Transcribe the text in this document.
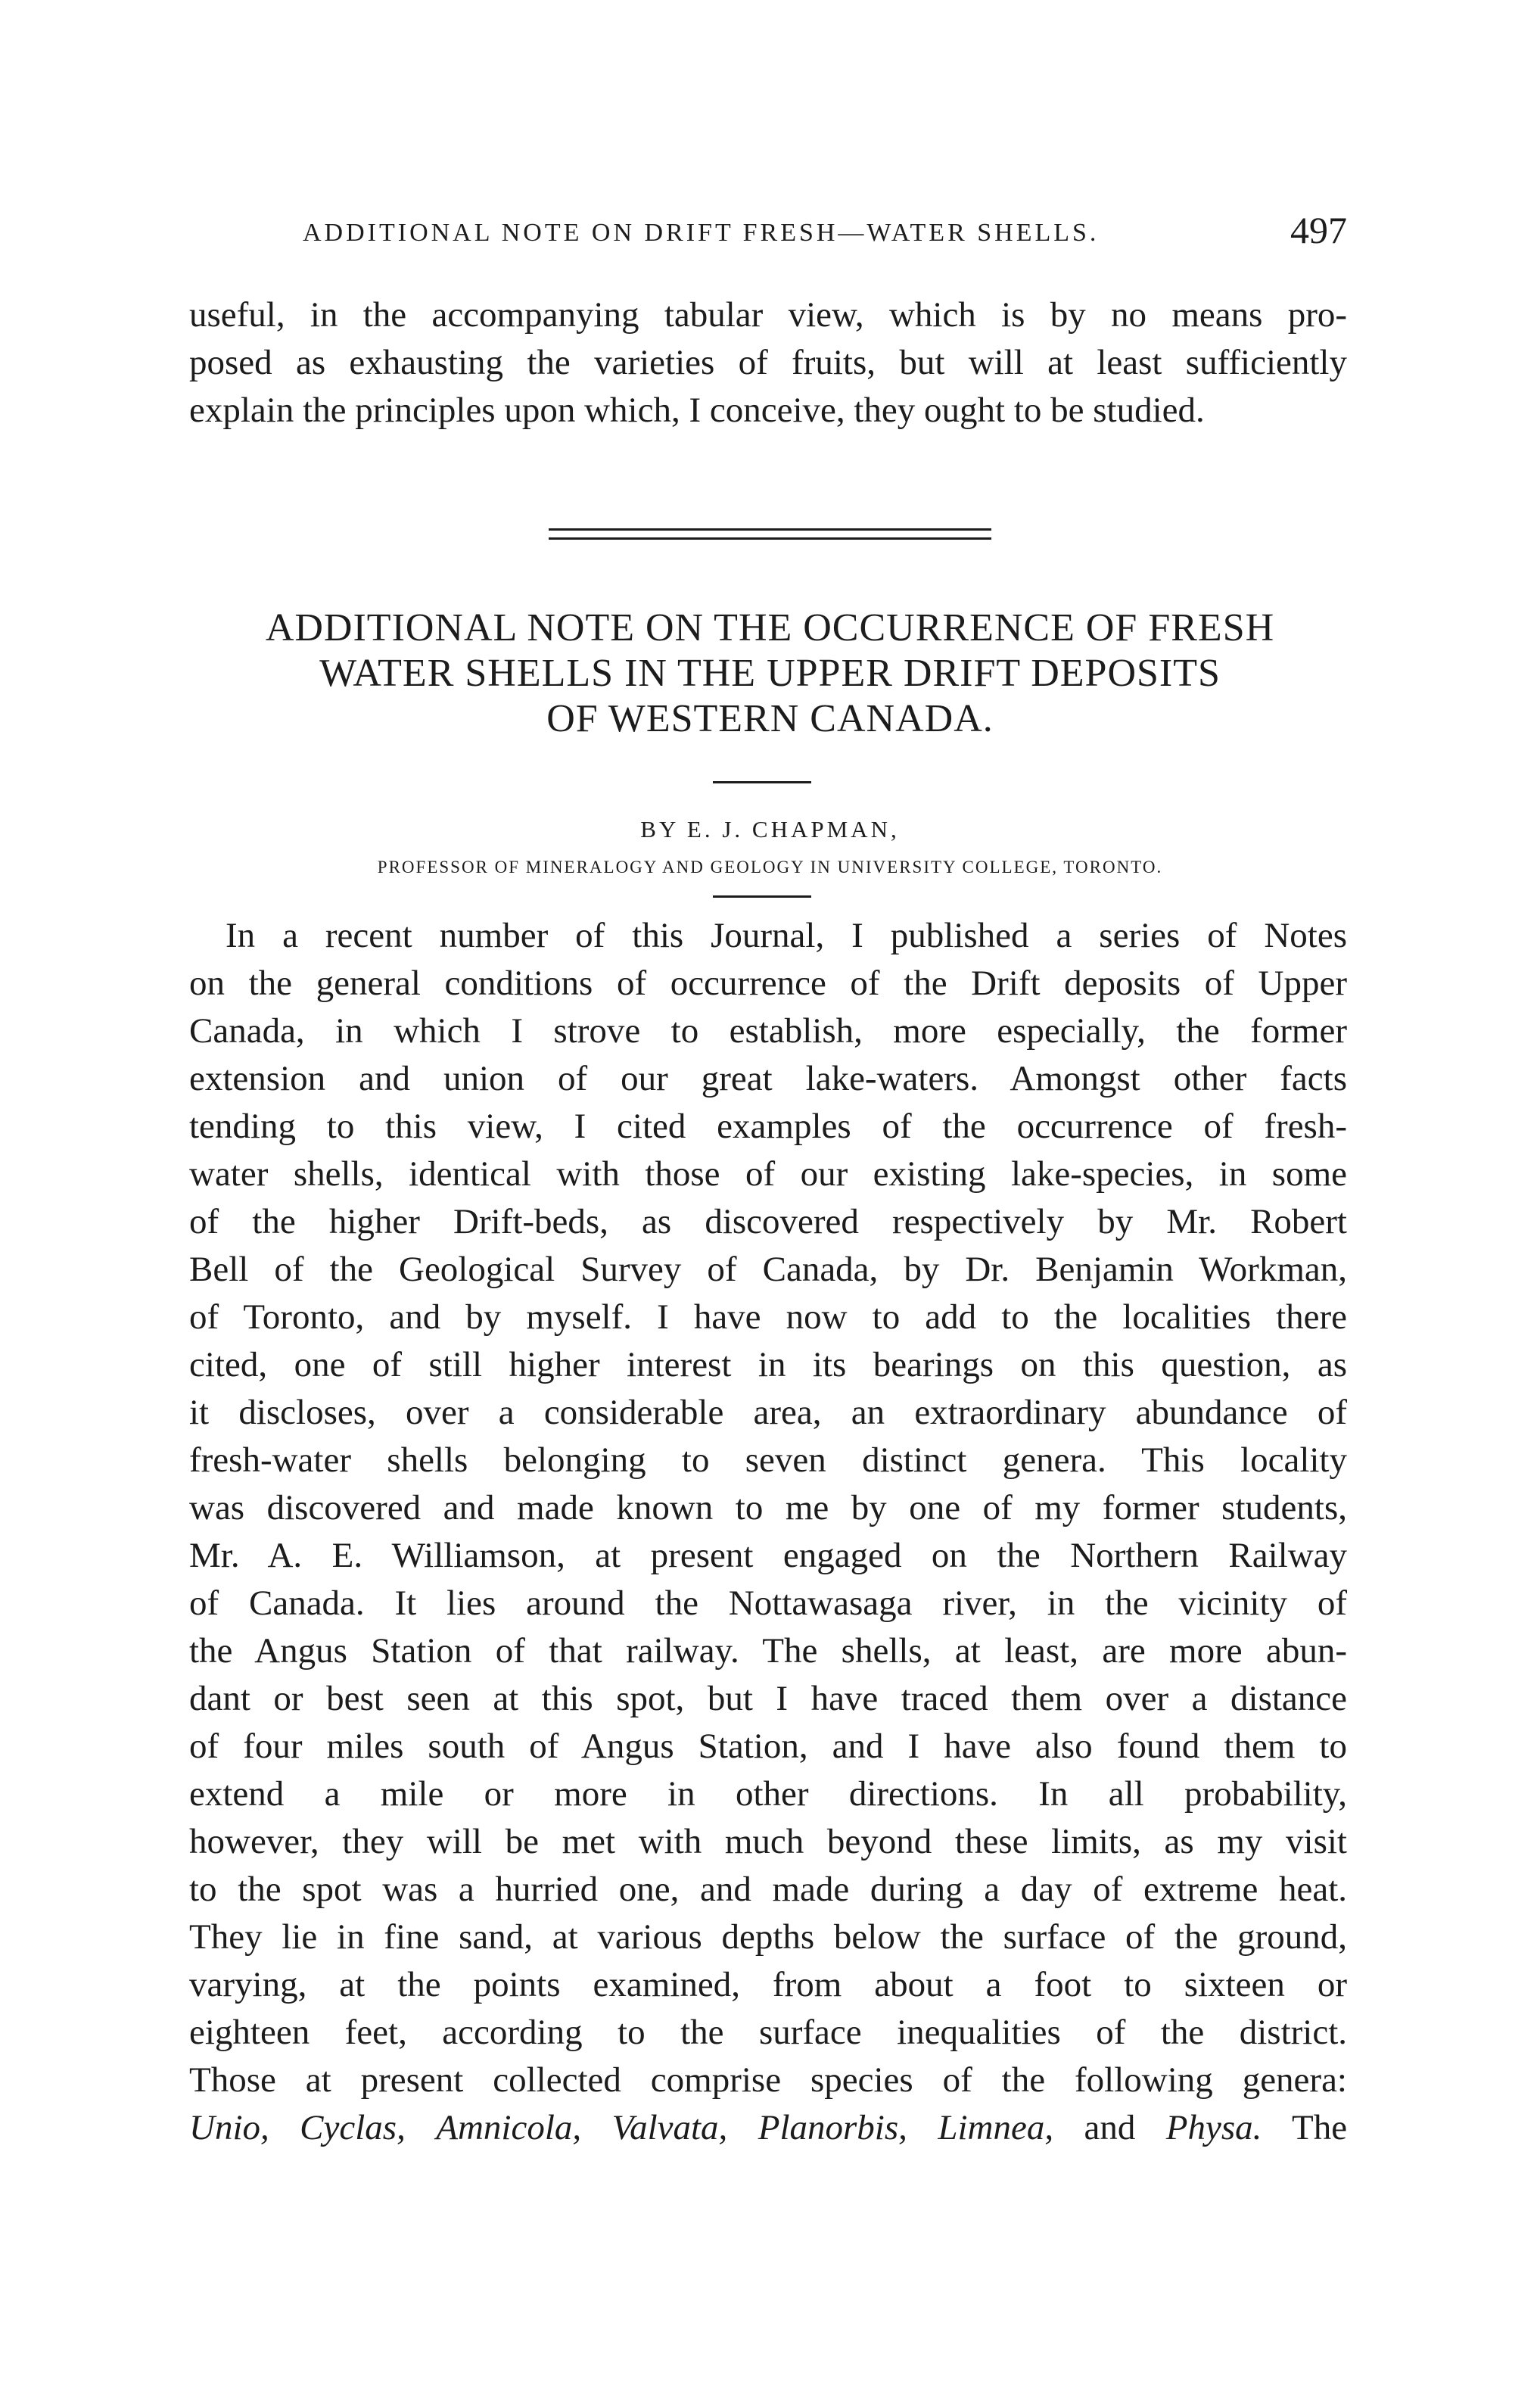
ADDITIONAL NOTE ON DRIFT FRESH—WATER SHELLS.	497
uѕeful, in the accompanying tabular view, which is by no means pro-
posed as exhausting the varieties of fruits, but will at least sufficiently
explain the principles upon which, I conceive, they ought to be studied.
ADDITIONAL NOTE ON THE OCCURRENCE OF FRESH
WATER SHELLS IN THE UPPER DRIFT DEPOSITS
OF WESTERN CANADA.
BY E. J. CHAPMAN,
PROFESSOR OF MINERALOGY AND GEOLOGY IN UNIVERSITY COLLEGE, TORONTO.
In a recent number of this Journal, I published a series of Notes
on the general conditions of occurrence of the Drift deposits of Upper
Canada, in which I strove to establish, more especially, the former
extension and union of our great lake-waters. Amongst other facts
tending to this view, I cited examples of the occurrence of fresh-
water shells, identical with those of our existing lake-species, in some
of the higher Drift-beds, as discovered respectively by Mr. Robert
Bell of the Geological Survey of Canada, by Dr. Benjamin Workman,
of Toronto, and by myself. I have now to add to the localities there
cited, one of still higher interest in its bearings on this question, as
it discloses, over a considerable area, an extraordinary abundance of
fresh-water shells belonging to seven distinct genera. This locality
was discovered and made known to me by one of my former students,
Mr. A. E. Williamson, at present engaged on the Northern Railway
of Canada. It lies around the Nottawasaga river, in the vicinity of
the Angus Station of that railway. The shells, at least, are more abun-
dant or best seen at this spot, but I have traced them over a distance
of four miles south of Angus Station, and I have also found them to
extend a mile or more in other directions. In all probability,
however, they will be met with much beyond these limits, as my visit
to the spot was a hurried one, and made during a day of extreme heat.
They lie in fine sand, at various depths below the surface of the ground,
varying, at the points examined, from about a foot to sixteen or
eighteen feet, according to the surface inequalities of the district.
Those at present collected comprise species of the following genera:
Unio, Cyclas, Amnicola, Valvata, Planorbis, Limnea, and Physa. The
